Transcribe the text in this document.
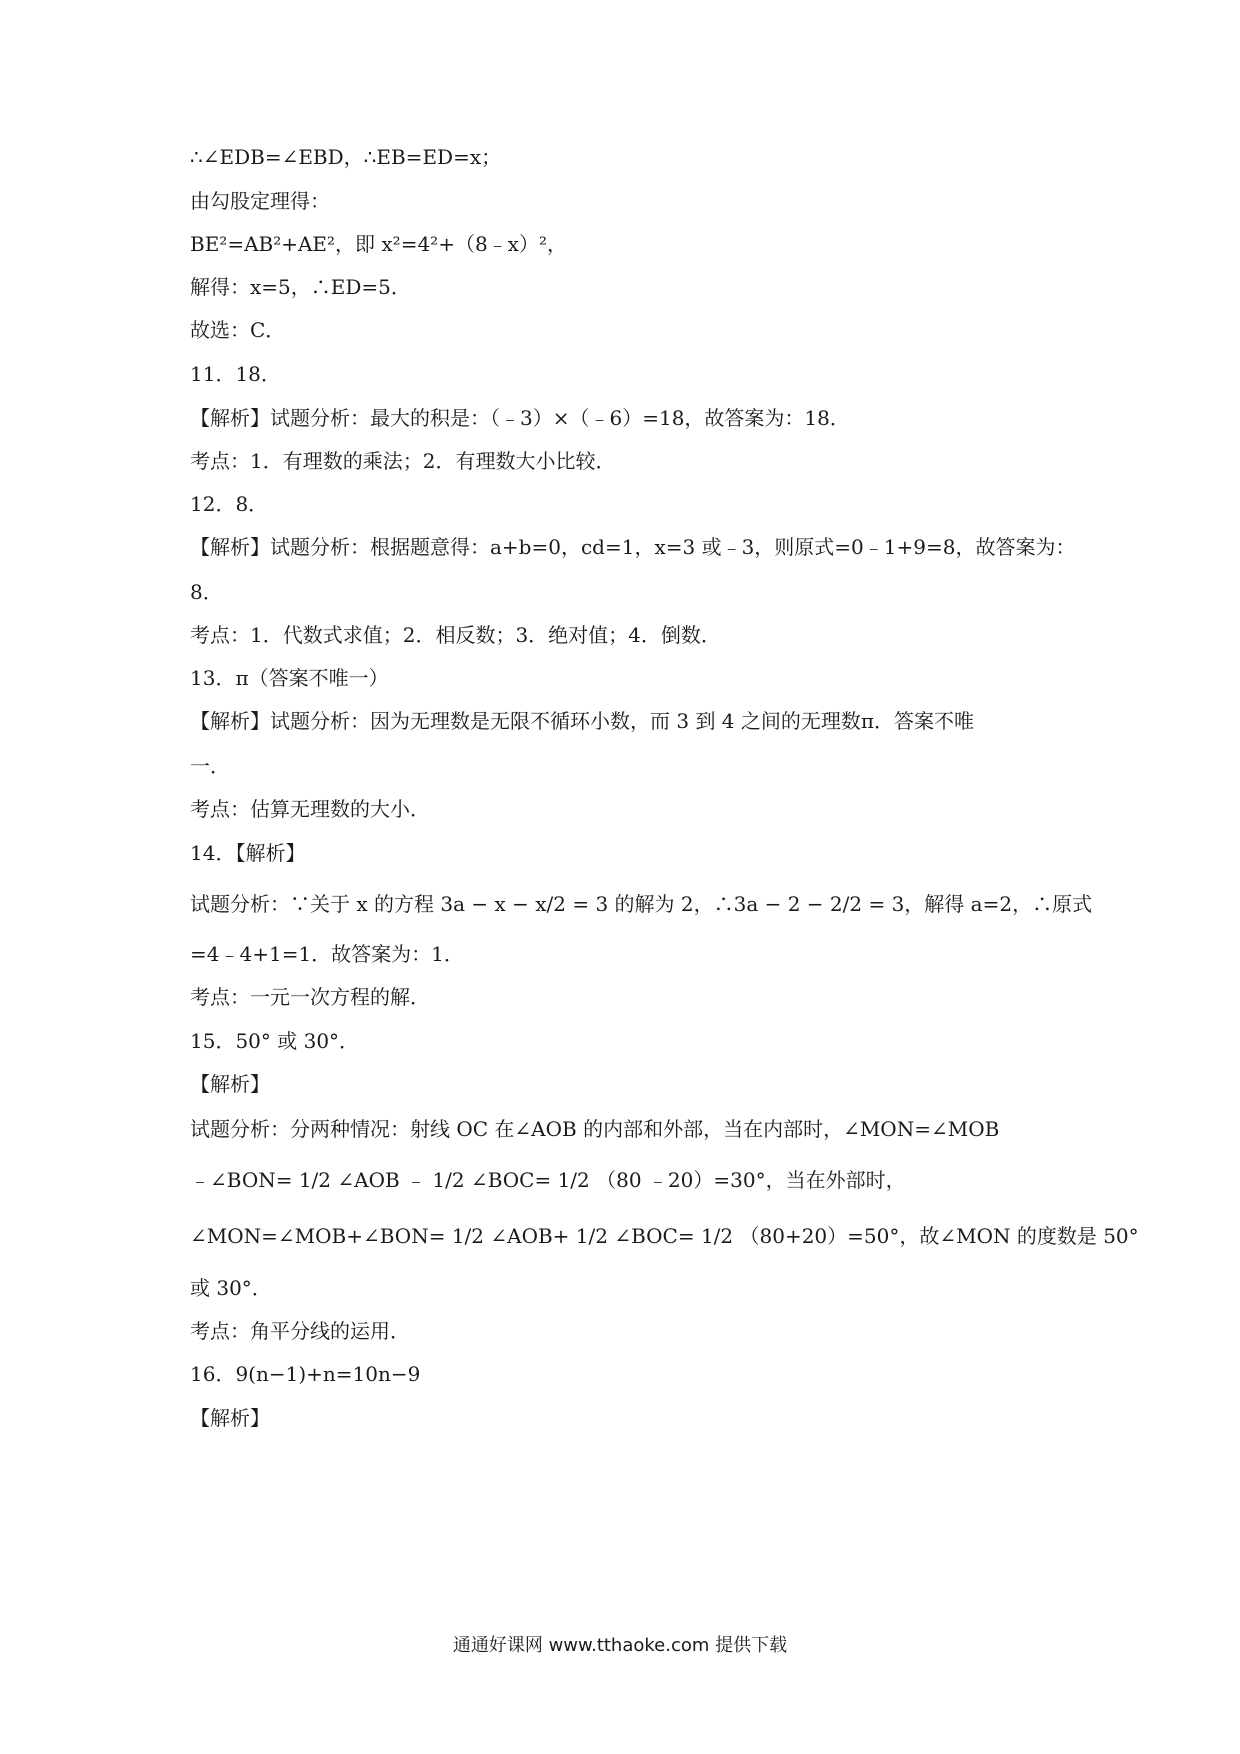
∴∠EDB=∠EBD，∴EB=ED=x；
由勾股定理得：
BE²=AB²+AE²，即 x²=4²+（8﹣x）²，
解得：x=5，∴ED=5．
故选：C．
11．18．
【解析】试题分析：最大的积是：（﹣3）×（﹣6）=18，故答案为：18．
考点：1．有理数的乘法；2．有理数大小比较．
12．8．
【解析】试题分析：根据题意得：a+b=0，cd=1，x=3 或﹣3，则原式=0﹣1+9=8，故答案为：
8．
考点：1．代数式求值；2．相反数；3．绝对值；4．倒数．
13．π（答案不唯一）
【解析】试题分析：因为无理数是无限不循环小数，而 3 到 4 之间的无理数π．答案不唯
一．
考点：估算无理数的大小．
14．【解析】
试题分析：∵关于 x 的方程 3a − x − x/2 = 3 的解为 2，∴3a − 2 − 2/2 = 3，解得 a=2，∴原式
=4﹣4+1=1．故答案为：1．
考点：一元一次方程的解．
15．50° 或 30°．
【解析】
试题分析：分两种情况：射线 OC 在∠AOB 的内部和外部，当在内部时，∠MON=∠MOB
﹣∠BON= 1/2 ∠AOB ﹣ 1/2 ∠BOC= 1/2 （80 ﹣20）=30°，当在外部时，
∠MON=∠MOB+∠BON= 1/2 ∠AOB+ 1/2 ∠BOC= 1/2 （80+20）=50°，故∠MON 的度数是 50°
或 30°．
考点：角平分线的运用．
16．9(n−1)+n=10n−9
【解析】
通通好课网 www.tthaoke.com 提供下载
